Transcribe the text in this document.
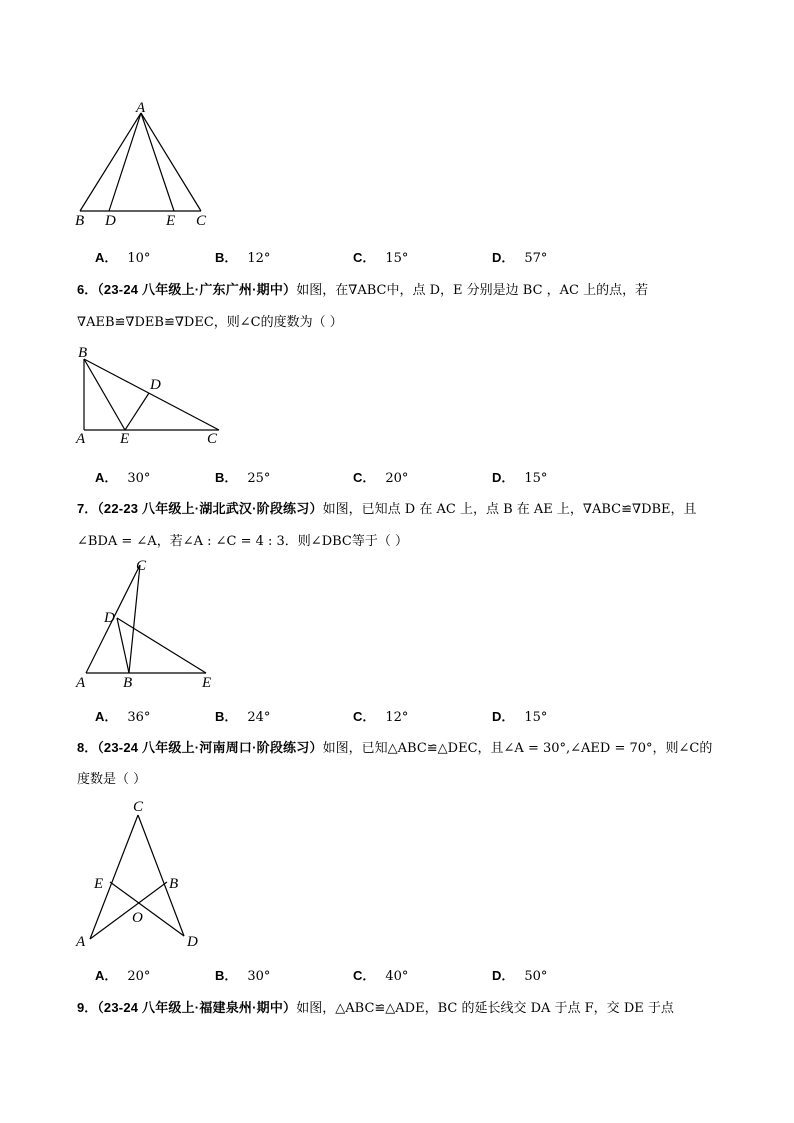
A
B D	E C
A． 10°	B． 12°	C． 15°	D． 57°
6．（23-24 八年级上·广东广州·期中）如图，在∇ABC中，点 D，E 分别是边 BC ，AC 上的点，若
∇AEB≌∇DEB≌∇DEC，则∠C的度数为（ ）
B
D
A E	C
A． 30°	B． 25°	C． 20°	D． 15°
7．（22-23 八年级上·湖北武汉·阶段练习）如图，已知点 D 在 AC 上，点 B 在 AE 上，∇ABC≌∇DBE，且
∠BDA = ∠A，若∠A : ∠C = 4 : 3．则∠DBC等于（ ）
C
D
A	B	E
A． 36°	B． 24°	C． 12°	D． 15°
8．（23-24 八年级上·河南周口·阶段练习）如图，已知△ABC≌△DEC，且∠A = 30°,∠AED = 70°，则∠C的
度数是（ ）
C
E	B
O
A	D
A． 20°	B． 30°	C． 40°	D． 50°
9．（23-24 八年级上·福建泉州·期中）如图，△ABC≌△ADE，BC 的延长线交 DA 于点 F，交 DE 于点
